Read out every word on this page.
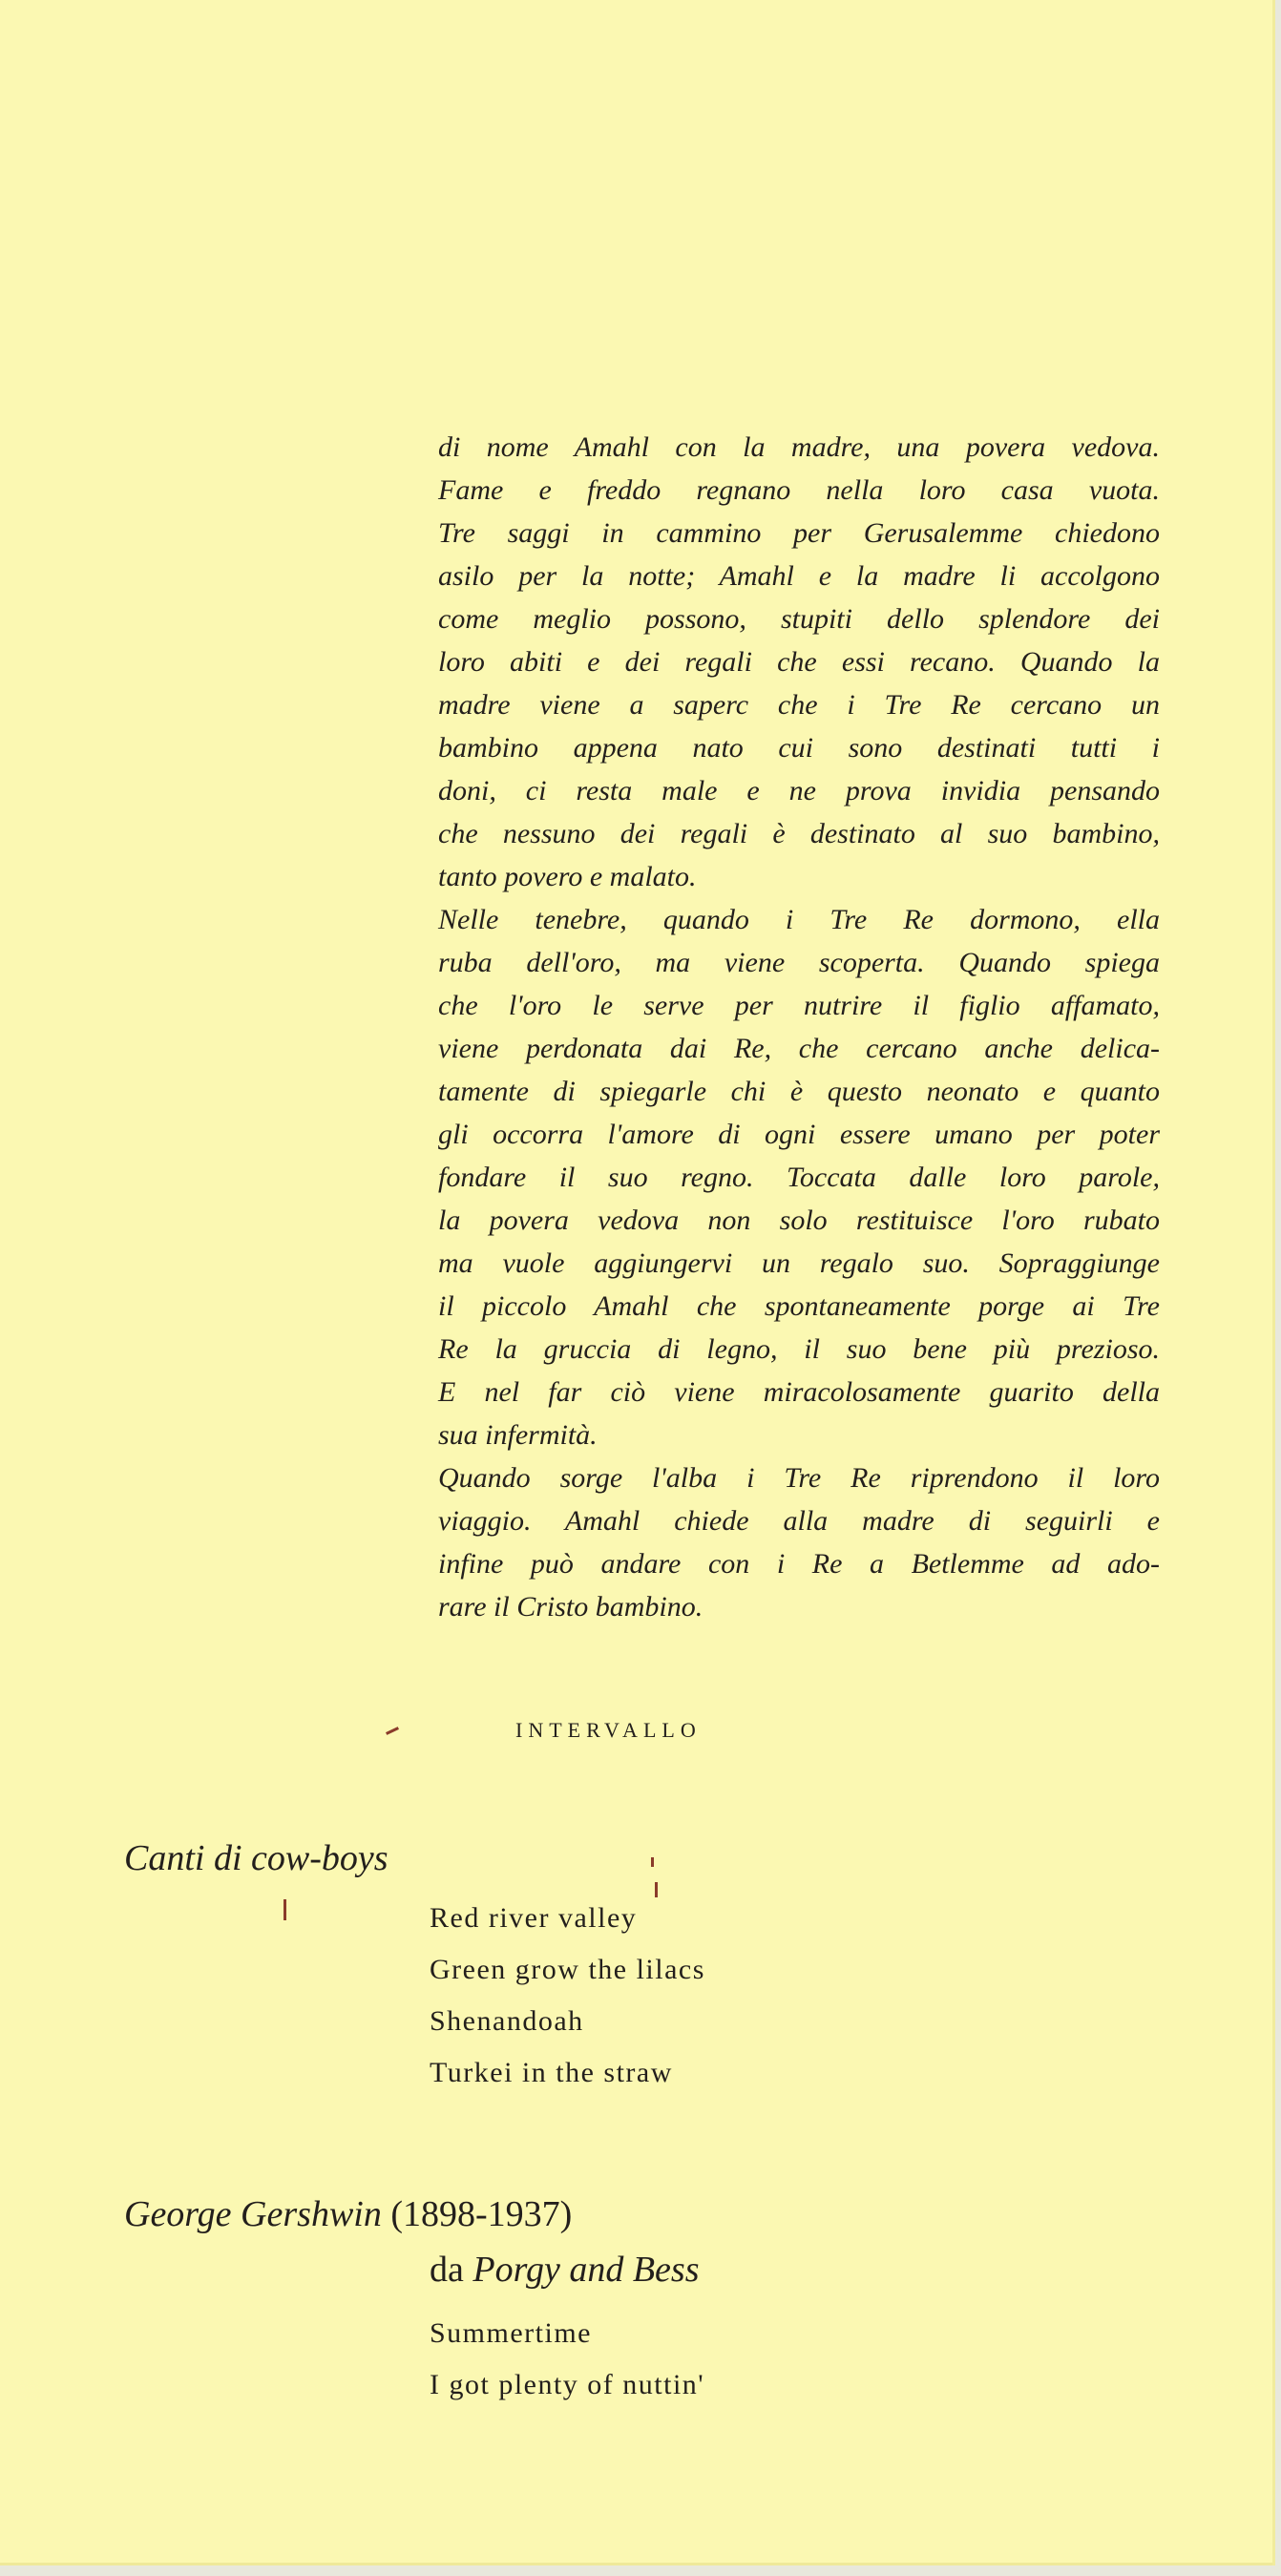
di nome Amahl con la madre, una povera vedova.
Fame e freddo regnano nella loro casa vuota.
Tre saggi in cammino per Gerusalemme chiedono
asilo per la notte; Amahl e la madre li accolgono
come meglio possono, stupiti dello splendore dei
loro abiti e dei regali che essi recano. Quando la
madre viene a saperc che i Tre Re cercano un
bambino appena nato cui sono destinati tutti i
doni, ci resta male e ne prova invidia pensando
che nessuno dei regali è destinato al suo bambino,
tanto povero e malato.
Nelle tenebre, quando i Tre Re dormono, ella
ruba dell'oro, ma viene scoperta. Quando spiega
che l'oro le serve per nutrire il figlio affamato,
viene perdonata dai Re, che cercano anche delica-
tamente di spiegarle chi è questo neonato e quanto
gli occorra l'amore di ogni essere umano per poter
fondare il suo regno. Toccata dalle loro parole,
la povera vedova non solo restituisce l'oro rubato
ma vuole aggiungervi un regalo suo. Sopraggiunge
il piccolo Amahl che spontaneamente porge ai Tre
Re la gruccia di legno, il suo bene più prezioso.
E nel far ciò viene miracolosamente guarito della
sua infermità.
Quando sorge l'alba i Tre Re riprendono il loro
viaggio. Amahl chiede alla madre di seguirli e
infine può andare con i Re a Betlemme ad ado-
rare il Cristo bambino.
INTERVALLO
Canti di cow-boys
Red river valley
Green grow the lilacs
Shenandoah
Turkei in the straw
George Gershwin (1898-1937)
da Porgy and Bess
Summertime
I got plenty of nuttin'
